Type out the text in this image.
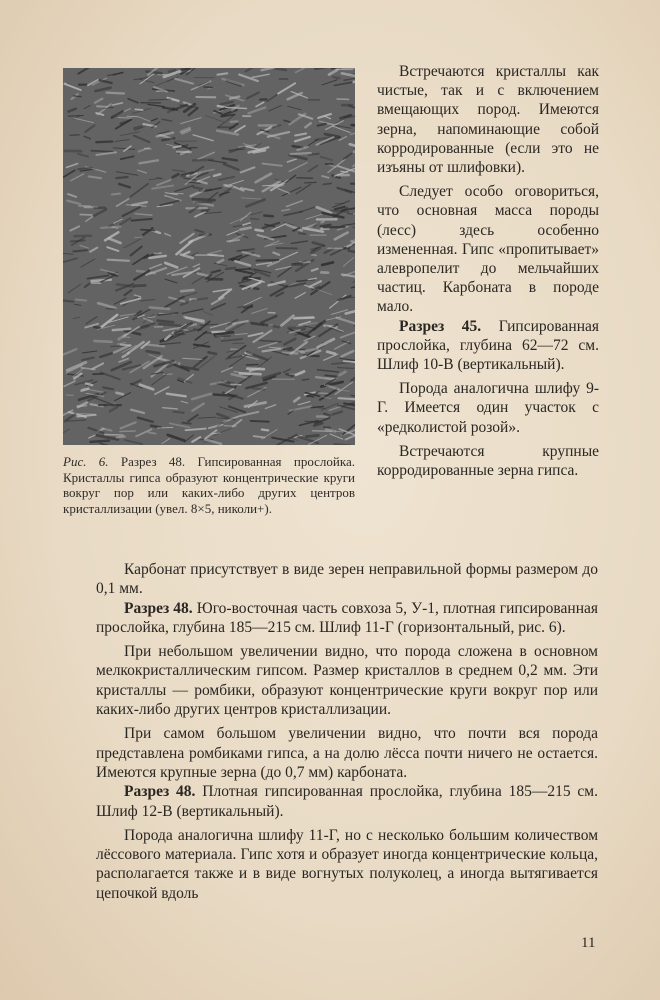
Рис. 6. Разрез 48. Гипсированная прослойка. Кристаллы гипса образуют концентрические круги вокруг пор или каких-либо других центров кристаллизации (увел. 8×5, николи+).

Встречаются кристаллы как чистые, так и с включением вмещающих пород. Имеются зерна, напоминающие собой корродированные (если это не изъяны от шлифовки).

Следует особо оговориться, что основная масса породы (лесс) здесь особенно измененная. Гипс «пропитывает» алевропелит до мельчайших частиц. Карбоната в породе мало.

Разрез 45. Гипсированная прослойка, глубина 62—72 см. Шлиф 10-В (вертикальный).

Порода аналогична шлифу 9-Г. Имеется один участок с «редколистой розой».

Встречаются крупные корродированные зерна гипса.

Карбонат присутствует в виде зерен неправильной формы размером до 0,1 мм.

Разрез 48. Юго-восточная часть совхоза 5, У-1, плотная гипсированная прослойка, глубина 185—215 см. Шлиф 11-Г (горизонтальный, рис. 6).

При небольшом увеличении видно, что порода сложена в основном мелкокристаллическим гипсом. Размер кристаллов в среднем 0,2 мм. Эти кристаллы — ромбики, образуют концентрические круги вокруг пор или каких-либо других центров кристаллизации.

При самом большом увеличении видно, что почти вся порода представлена ромбиками гипса, а на долю лёсса почти ничего не остается. Имеются крупные зерна (до 0,7 мм) карбоната.

Разрез 48. Плотная гипсированная прослойка, глубина 185—215 см. Шлиф 12-В (вертикальный).

Порода аналогична шлифу 11-Г, но с несколько большим количеством лёссового материала. Гипс хотя и образует иногда концентрические кольца, располагается также и в виде вогнутых полуколец, а иногда вытягивается цепочкой вдоль

11
